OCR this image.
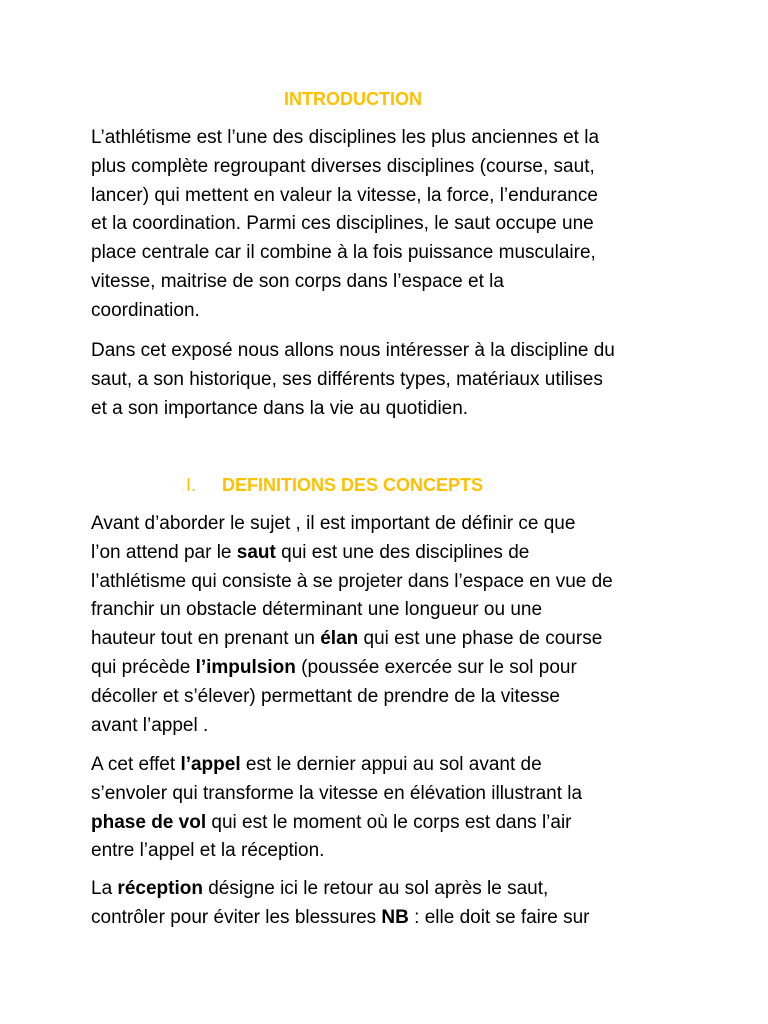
INTRODUCTION

L’athlétisme est l’une des disciplines les plus anciennes et la
plus complète regroupant diverses disciplines (course, saut,
lancer) qui mettent en valeur la vitesse, la force, l’endurance
et la coordination. Parmi ces disciplines, le saut occupe une
place centrale car il combine à la fois puissance musculaire,
vitesse, maitrise de son corps dans l’espace et la
coordination.

Dans cet exposé nous allons nous intéresser à la discipline du
saut, a son historique, ses différents types, matériaux utilises
et a son importance dans la vie au quotidien.

I. DEFINITIONS DES CONCEPTS

Avant d’aborder le sujet , il est important de définir ce que
l’on attend par le saut qui est une des disciplines de
l’athlétisme qui consiste à se projeter dans l’espace en vue de
franchir un obstacle déterminant une longueur ou une
hauteur tout en prenant un élan qui est une phase de course
qui précède l’impulsion (poussée exercée sur le sol pour
décoller et s’élever) permettant de prendre de la vitesse
avant l’appel .

A cet effet l’appel est le dernier appui au sol avant de
s’envoler qui transforme la vitesse en élévation illustrant la
phase de vol qui est le moment où le corps est dans l’air
entre l’appel et la réception.

La réception désigne ici le retour au sol après le saut,
contrôler pour éviter les blessures NB : elle doit se faire sur
